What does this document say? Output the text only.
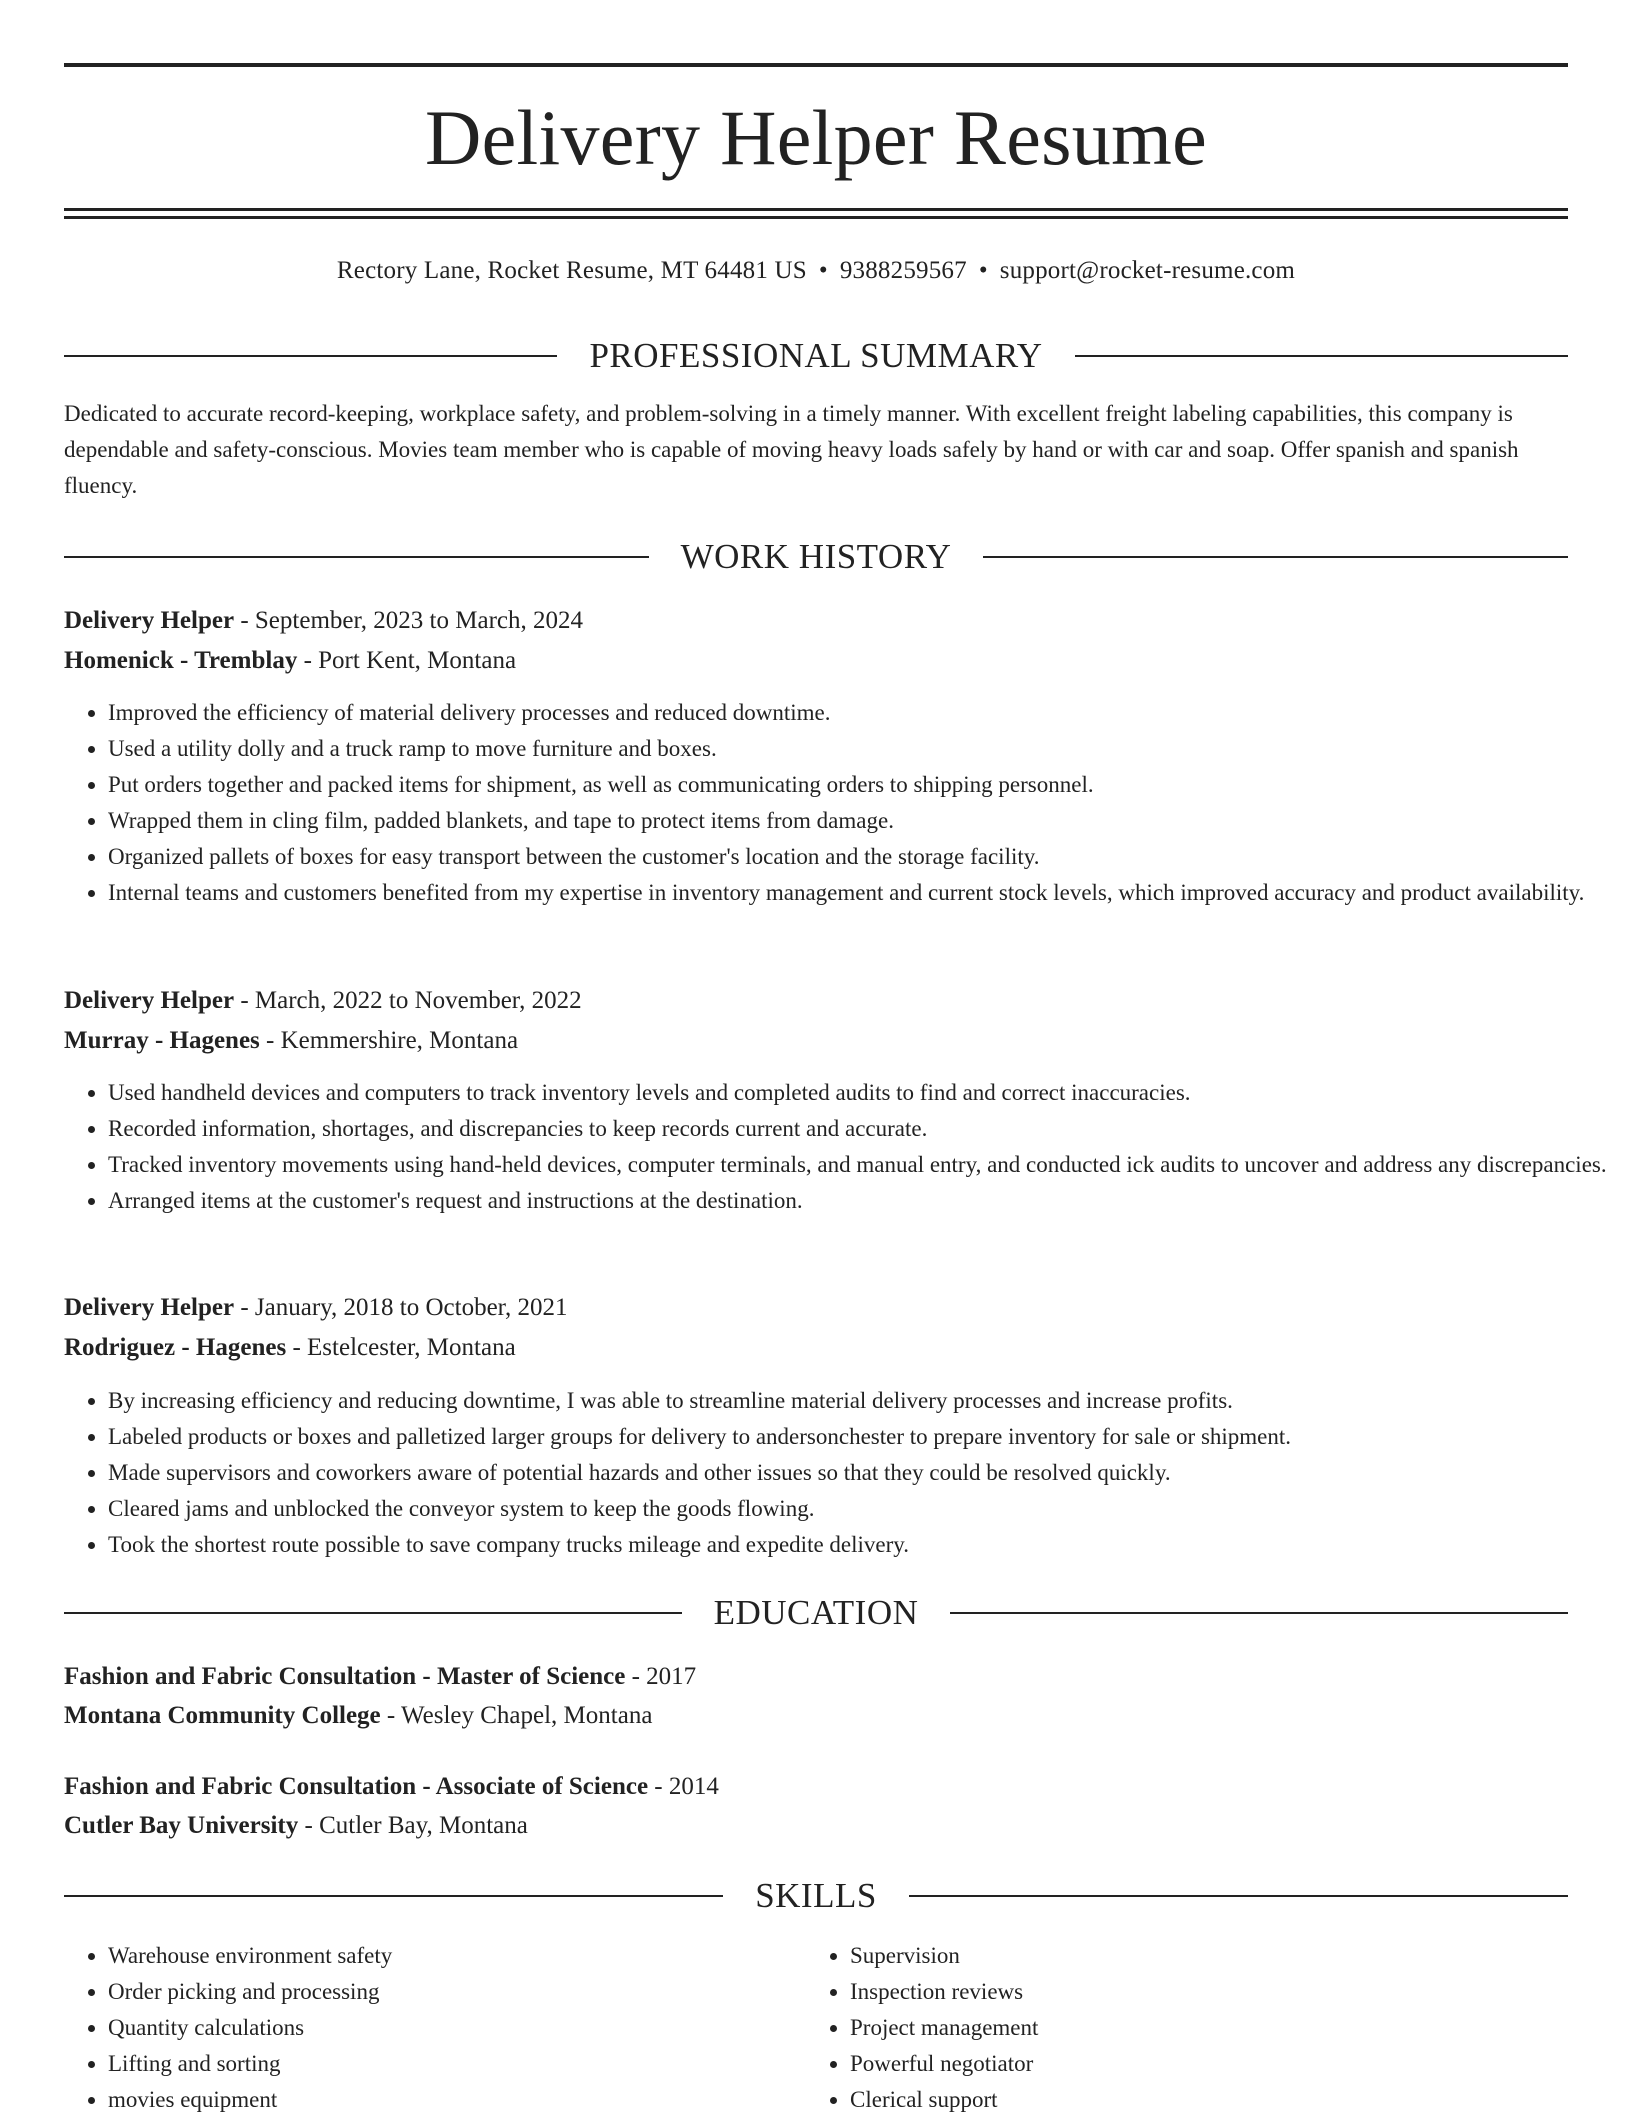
Delivery Helper Resume
Rectory Lane, Rocket Resume, MT 64481 US • 9388259567 • support@rocket-resume.com
PROFESSIONAL SUMMARY

Dedicated to accurate record-keeping, workplace safety, and problem-solving in a timely manner. With excellent freight labeling capabilities, this company is dependable and safety-conscious. Movies team member who is capable of moving heavy loads safely by hand or with car and soap. Offer spanish and spanish fluency.

WORK HISTORY
Delivery Helper - September, 2023 to March, 2024
Homenick - Tremblay - Port Kent, Montana
• Improved the efficiency of material delivery processes and reduced downtime.
• Used a utility dolly and a truck ramp to move furniture and boxes.
• Put orders together and packed items for shipment, as well as communicating orders to shipping personnel.
• Wrapped them in cling film, padded blankets, and tape to protect items from damage.
• Organized pallets of boxes for easy transport between the customer's location and the storage facility.
• Internal teams and customers benefited from my expertise in inventory management and current stock levels, which improved accuracy and product availability.
Delivery Helper - March, 2022 to November, 2022
Murray - Hagenes - Kemmershire, Montana
• Used handheld devices and computers to track inventory levels and completed audits to find and correct inaccuracies.
• Recorded information, shortages, and discrepancies to keep records current and accurate.
• Tracked inventory movements using hand-held devices, computer terminals, and manual entry, and conducted ick audits to uncover and address any discrepancies.
• Arranged items at the customer's request and instructions at the destination.
Delivery Helper - January, 2018 to October, 2021
Rodriguez - Hagenes - Estelcester, Montana
• By increasing efficiency and reducing downtime, I was able to streamline material delivery processes and increase profits.
• Labeled products or boxes and palletized larger groups for delivery to andersonchester to prepare inventory for sale or shipment.
• Made supervisors and coworkers aware of potential hazards and other issues so that they could be resolved quickly.
• Cleared jams and unblocked the conveyor system to keep the goods flowing.
• Took the shortest route possible to save company trucks mileage and expedite delivery.
EDUCATION
Fashion and Fabric Consultation - Master of Science - 2017
Montana Community College - Wesley Chapel, Montana
Fashion and Fabric Consultation - Associate of Science - 2014
Cutler Bay University - Cutler Bay, Montana
SKILLS
• Warehouse environment safety
• Order picking and processing
• Quantity calculations
• Lifting and sorting
• movies equipment
• Supervision
• Inspection reviews
• Project management
• Powerful negotiator
• Clerical support
